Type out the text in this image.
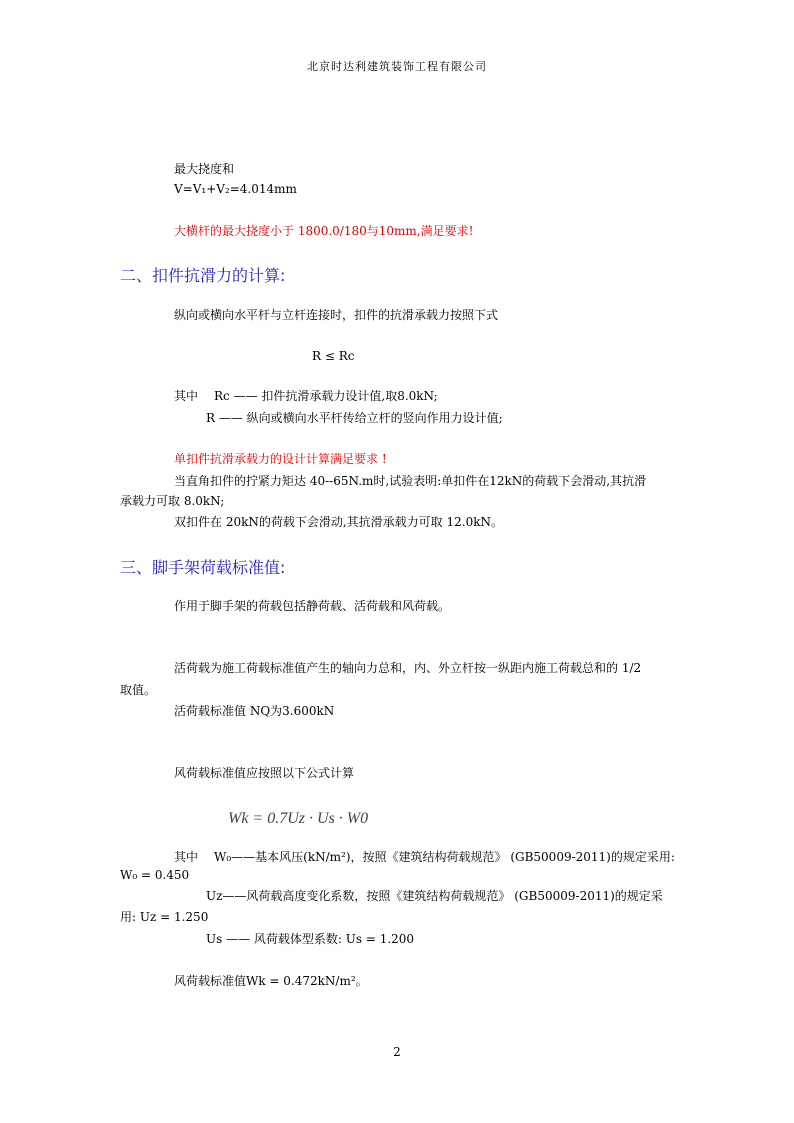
北京时达利建筑装饰工程有限公司
最大挠度和
V=V₁+V₂=4.014mm
大横杆的最大挠度小于 1800.0/180与10mm,满足要求!
二、扣件抗滑力的计算:
纵向或横向水平杆与立杆连接时，扣件的抗滑承载力按照下式
R ≤ Rc
其中 Rc —— 扣件抗滑承载力设计值,取8.0kN;
R —— 纵向或横向水平杆传给立杆的竖向作用力设计值;
单扣件抗滑承载力的设计计算满足要求 !
当直角扣件的拧紧力矩达 40--65N.m时,试验表明:单扣件在12kN的荷载下会滑动,其抗滑
承载力可取 8.0kN;
双扣件在 20kN的荷载下会滑动,其抗滑承载力可取 12.0kN。
三、脚手架荷载标准值:
作用于脚手架的荷载包括静荷载、活荷载和风荷载。
活荷载为施工荷载标准值产生的轴向力总和，内、外立杆按一纵距内施工荷载总和的 1/2
取值。
活荷载标准值 NQ为3.600kN
风荷载标准值应按照以下公式计算
Wk = 0.7Uz · Us · W0
其中 W₀——基本风压(kN/m²)，按照《建筑结构荷载规范》 (GB50009-2011)的规定采用:
W₀ = 0.450
Uz——风荷载高度变化系数，按照《建筑结构荷载规范》 (GB50009-2011)的规定采
用: Uz = 1.250
Us —— 风荷载体型系数: Us = 1.200
风荷载标准值Wk = 0.472kN/m²。
2
